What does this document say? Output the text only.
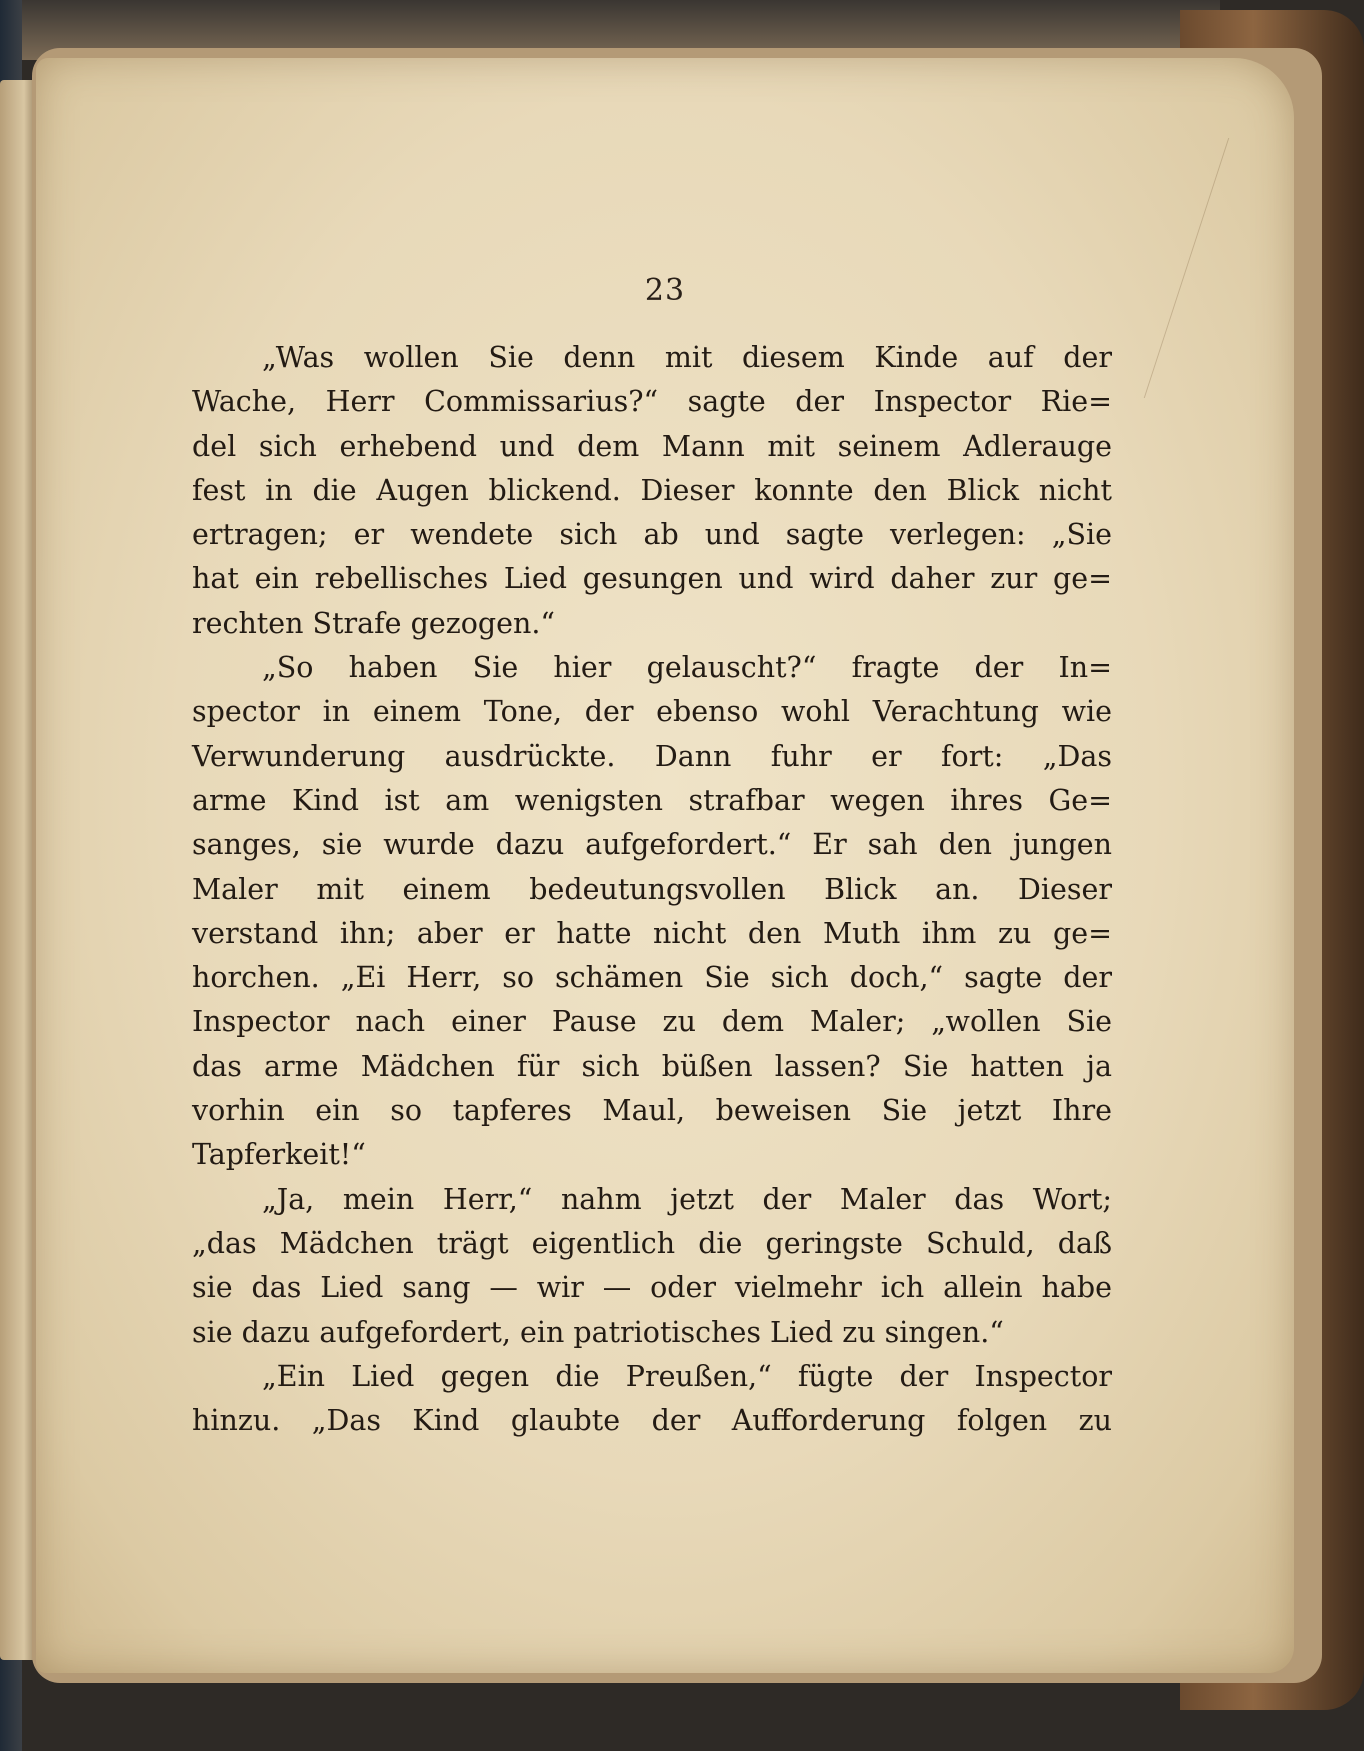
23
„Was wollen Sie denn mit diesem Kinde auf der
Wache, Herr Commissarius?“ sagte der Inspector Rie=
del sich erhebend und dem Mann mit seinem Adlerauge
fest in die Augen blickend. Dieser konnte den Blick nicht
ertragen; er wendete sich ab und sagte verlegen: „Sie
hat ein rebellisches Lied gesungen und wird daher zur ge=
rechten Strafe gezogen.“
„So haben Sie hier gelauscht?“ fragte der In=
spector in einem Tone, der ebenso wohl Verachtung wie
Verwunderung ausdrückte. Dann fuhr er fort: „Das
arme Kind ist am wenigsten strafbar wegen ihres Ge=
sanges, sie wurde dazu aufgefordert.“ Er sah den jungen
Maler mit einem bedeutungsvollen Blick an. Dieser
verstand ihn; aber er hatte nicht den Muth ihm zu ge=
horchen. „Ei Herr, so schämen Sie sich doch,“ sagte der
Inspector nach einer Pause zu dem Maler; „wollen Sie
das arme Mädchen für sich büßen lassen? Sie hatten ja
vorhin ein so tapferes Maul, beweisen Sie jetzt Ihre
Tapferkeit!“
„Ja, mein Herr,“ nahm jetzt der Maler das Wort;
„das Mädchen trägt eigentlich die geringste Schuld, daß
sie das Lied sang — wir — oder vielmehr ich allein habe
sie dazu aufgefordert, ein patriotisches Lied zu singen.“
„Ein Lied gegen die Preußen,“ fügte der Inspector
hinzu. „Das Kind glaubte der Aufforderung folgen zu
